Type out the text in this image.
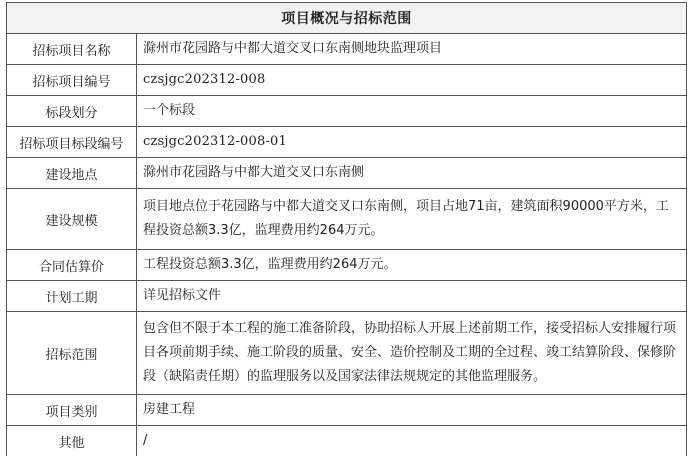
项目概况与招标范围	
招标项目名称	滁州市花园路与中都大道交叉口东南侧地块监理项目
招标项目编号	czsjgc202312-008
标段划分	一个标段
招标项目标段编号	czsjgc202312-008-01
建设地点	滁州市花园路与中都大道交叉口东南侧
建设规模	项目地点位于花园路与中都大道交叉口东南侧，项目占地71亩，建筑面积90000平方米，工程投资总额3.3亿，监理费用约264万元。
合同估算价	工程投资总额3.3亿，监理费用约264万元。
计划工期	详见招标文件
招标范围	包含但不限于本工程的施工准备阶段，协助招标人开展上述前期工作，接受招标人安排履行项目各项前期手续、施工阶段的质量、安全、造价控制及工期的全过程、竣工结算阶段、保修阶段（缺陷责任期）的监理服务以及国家法律法规规定的其他监理服务。
项目类别	房建工程
其他	/
